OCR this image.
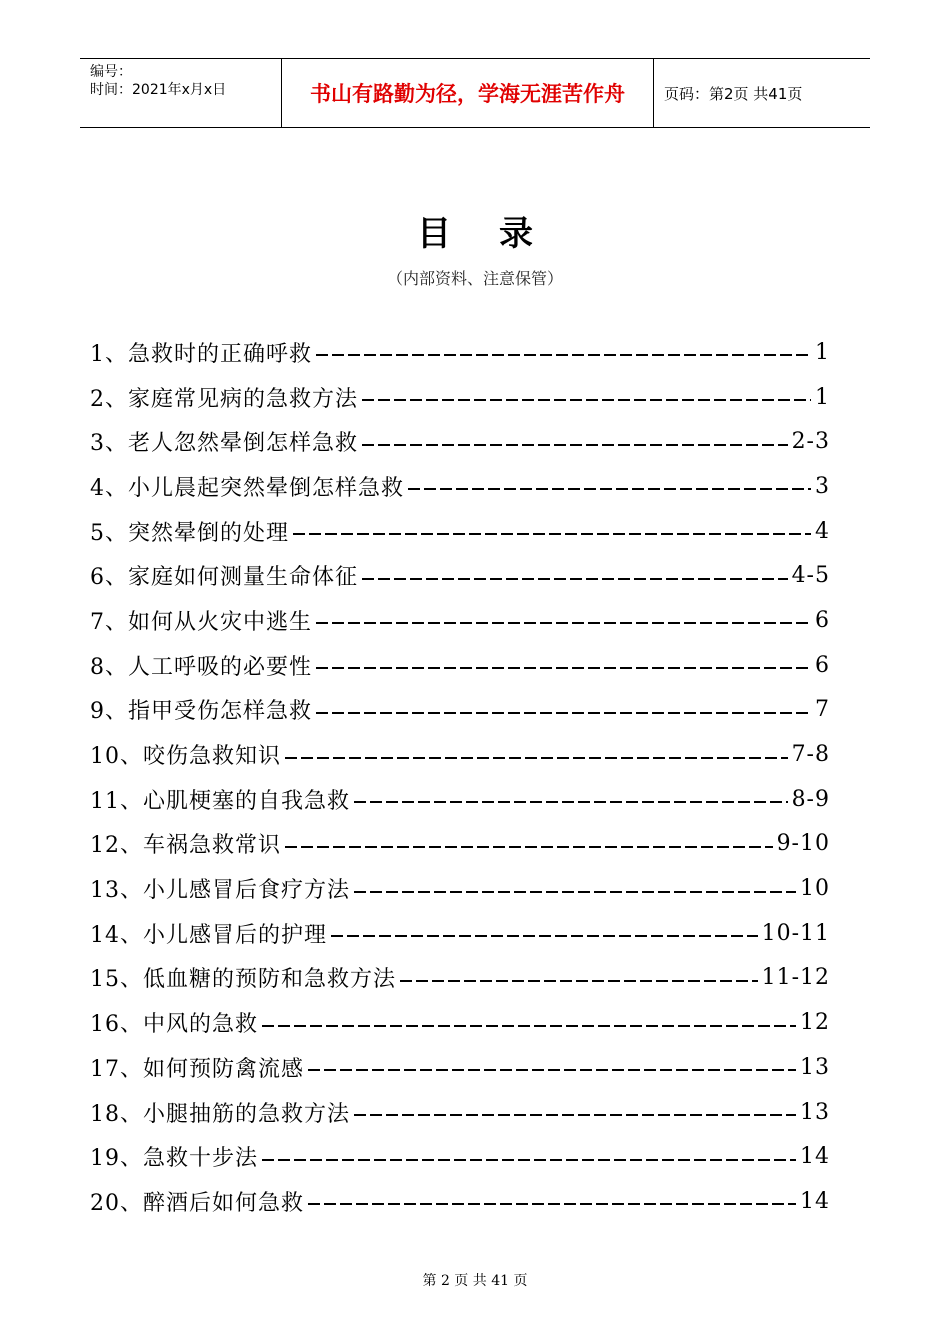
编号：
时间：2021年x月x日	书山有路勤为径，学海无涯苦作舟	页码：第2页 共41页
目录
（内部资料、注意保管）
1、急救时的正确呼救	1
2、家庭常见病的急救方法	1
3、老人忽然晕倒怎样急救	2-3
4、小儿晨起突然晕倒怎样急救	3
5、突然晕倒的处理	4
6、家庭如何测量生命体征	4-5
7、如何从火灾中逃生	6
8、人工呼吸的必要性	6
9、指甲受伤怎样急救	7
10、咬伤急救知识	7-8
11、心肌梗塞的自我急救	8-9
12、车祸急救常识	9-10
13、小儿感冒后食疗方法	10
14、小儿感冒后的护理	10-11
15、低血糖的预防和急救方法	11-12
16、中风的急救	12
17、如何预防禽流感	13
18、小腿抽筋的急救方法	13
19、急救十步法	14
20、醉酒后如何急救	14
第 2 页 共 41 页
